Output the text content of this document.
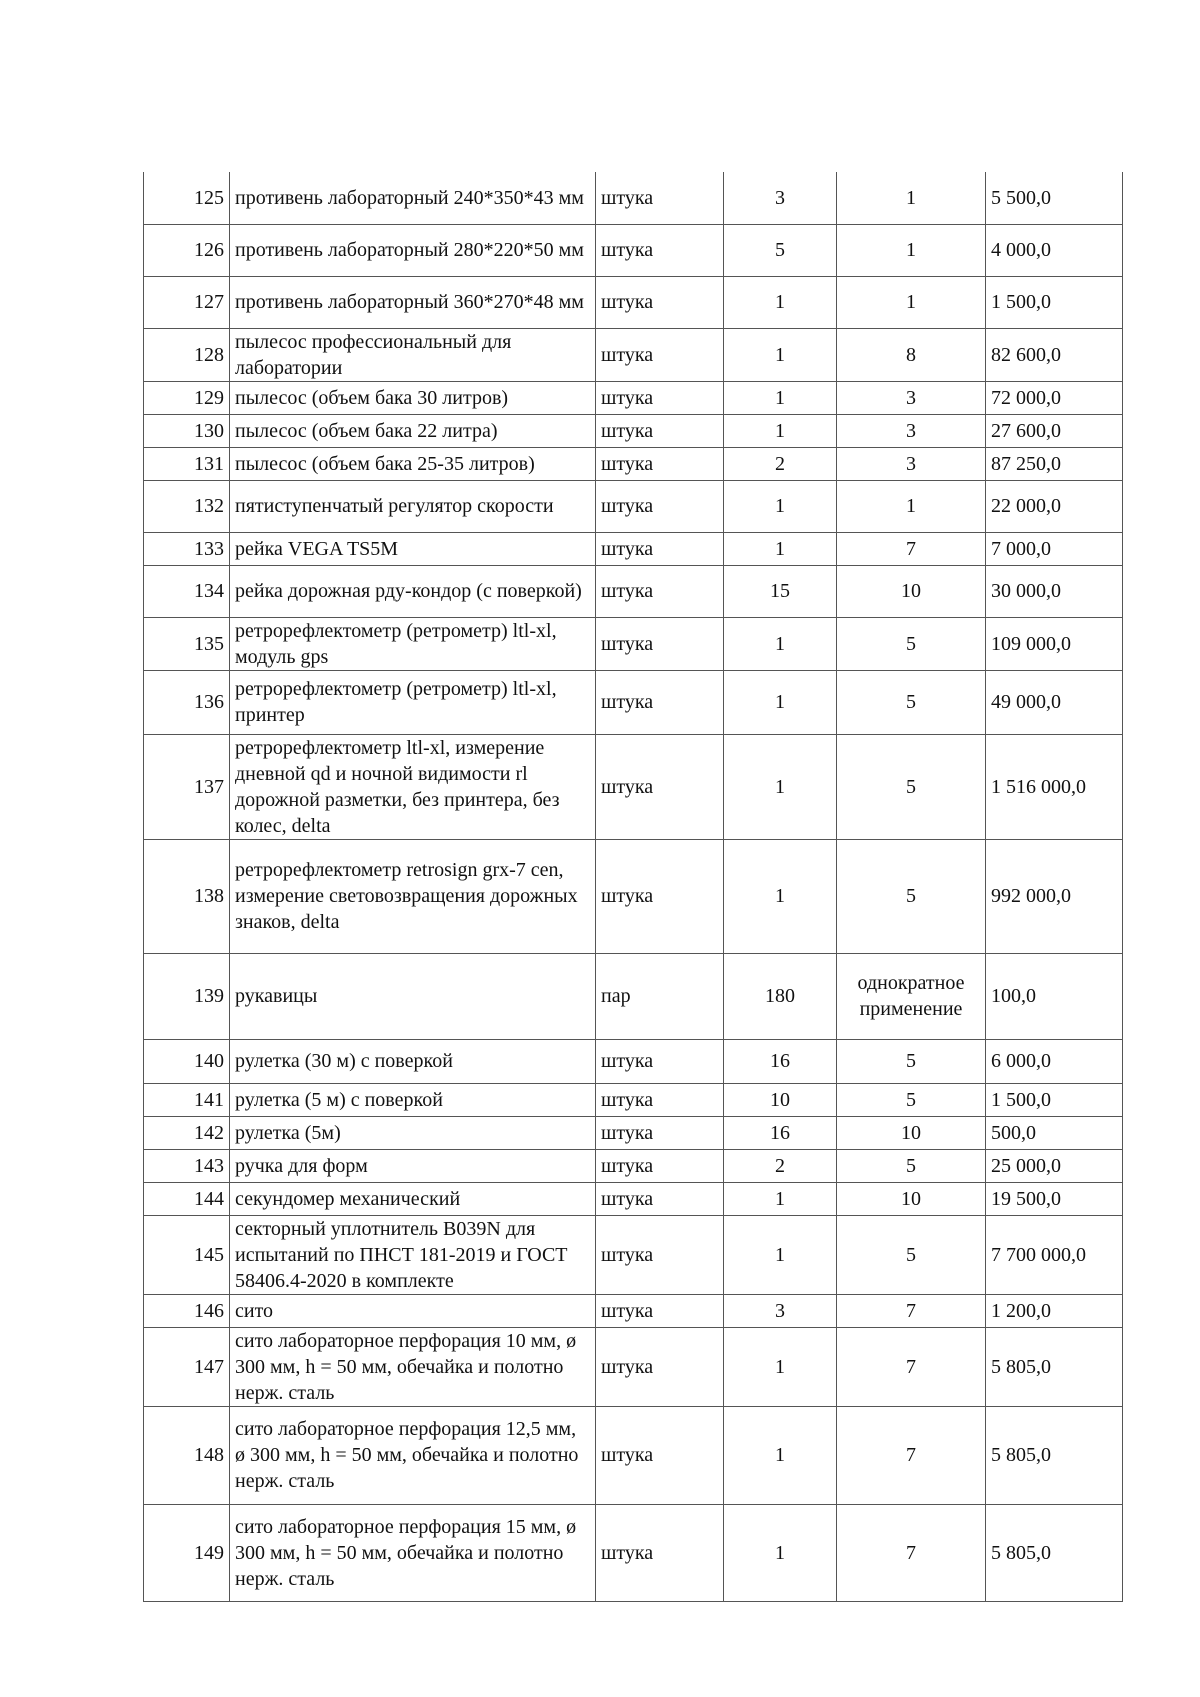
125	противень лабораторный 240*350*43 мм	штука	3	1	5 500,0
126	противень лабораторный 280*220*50 мм	штука	5	1	4 000,0
127	противень лабораторный 360*270*48 мм	штука	1	1	1 500,0
128	пылесос профессиональный для лаборатории	штука	1	8	82 600,0
129	пылесос (объем бака 30 литров)	штука	1	3	72 000,0
130	пылесос (объем бака 22 литра)	штука	1	3	27 600,0
131	пылесос (объем бака 25-35 литров)	штука	2	3	87 250,0
132	пятиступенчатый регулятор скорости	штука	1	1	22 000,0
133	рейка VEGA TS5M	штука	1	7	7 000,0
134	рейка дорожная рду-кондор (с поверкой)	штука	15	10	30 000,0
135	ретрорефлектометр (ретрометр) ltl-xl, модуль gps	штука	1	5	109 000,0
136	ретрорефлектометр (ретрометр) ltl-xl, принтер	штука	1	5	49 000,0
137	ретрорефлектометр ltl-xl, измерение дневной qd и ночной видимости rl дорожной разметки, без принтера, без колес, delta	штука	1	5	1 516 000,0
138	ретрорефлектометр retrosign grx-7 cen, измерение световозвращения дорожных знаков, delta	штука	1	5	992 000,0
139	рукавицы	пар	180	однократное применение	100,0
140	рулетка (30 м) с поверкой	штука	16	5	6 000,0
141	рулетка (5 м) с поверкой	штука	10	5	1 500,0
142	рулетка (5м)	штука	16	10	500,0
143	ручка для форм	штука	2	5	25 000,0
144	секундомер механический	штука	1	10	19 500,0
145	секторный уплотнитель B039N для испытаний по ПНСТ 181-2019 и ГОСТ 58406.4-2020 в комплекте	штука	1	5	7 700 000,0
146	сито	штука	3	7	1 200,0
147	сито лабораторное перфорация 10 мм, ø 300 мм, h = 50 мм, обечайка и полотно нерж. сталь	штука	1	7	5 805,0
148	сито лабораторное перфорация 12,5 мм, ø 300 мм, h = 50 мм, обечайка и полотно нерж. сталь	штука	1	7	5 805,0
149	сито лабораторное перфорация 15 мм, ø 300 мм, h = 50 мм, обечайка и полотно нерж. сталь	штука	1	7	5 805,0
